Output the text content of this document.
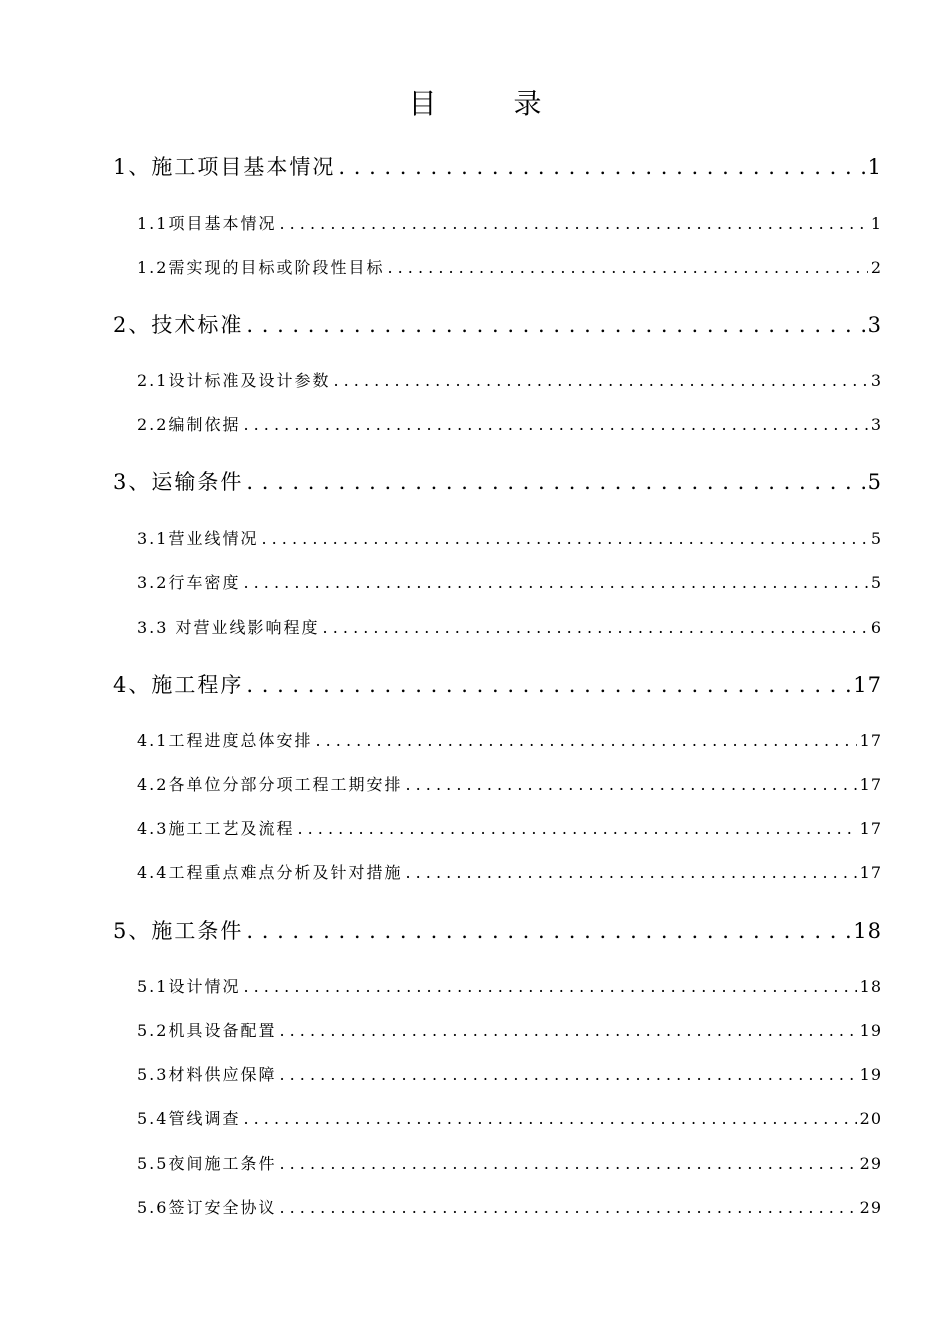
目 录
1、施工项目基本情况 . . .	1
1.1项目基本情况 . . .	1
1.2需实现的目标或阶段性目标 . . .	2
2、技术标准 . . .	3
2.1设计标准及设计参数 . . .	3
2.2编制依据 . . .	3
3、运输条件 . . .	5
3.1营业线情况 . . .	5
3.2行车密度 . . .	5
3.3 对营业线影响程度 . . .	6
4、施工程序 . . .	17
4.1工程进度总体安排 . . .	17
4.2各单位分部分项工程工期安排 . . .	17
4.3施工工艺及流程 . . .	17
4.4工程重点难点分析及针对措施 . . .	17
5、施工条件 . . .	18
5.1设计情况 . . .	18
5.2机具设备配置 . . .	19
5.3材料供应保障 . . .	19
5.4管线调查 . . .	20
5.5夜间施工条件 . . .	29
5.6签订安全协议 . . .	29
